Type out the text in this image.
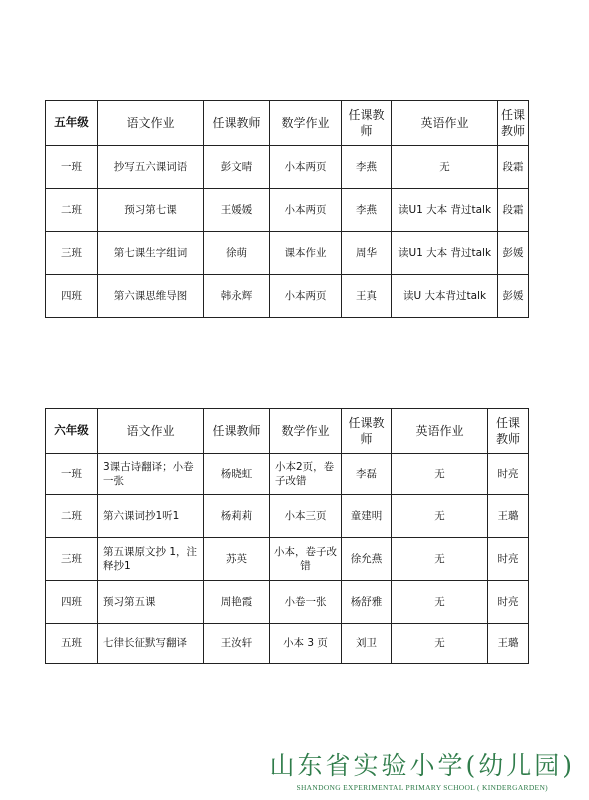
五年级	语文作业	任课教师	数学作业	任课教师	英语作业	任课教师
一班	抄写五六课词语	彭文晴	小本两页	李燕	无	段霜
二班	预习第七课	王媛媛	小本两页	李燕	读U1 大本 背过talk	段霜
三班	第七课生字组词	徐萌	课本作业	周华	读U1 大本 背过talk	彭媛
四班	第六课思维导图	韩永辉	小本两页	王真	读U 大本背过talk	彭媛
六年级	语文作业	任课教师	数学作业	任课教师	英语作业	任课教师
一班	3课古诗翻译；小卷一张	杨晓虹	小本2页，卷子改错	李磊	无	时亮
二班	第六课词抄1听1	杨莉莉	小本三页	童建明	无	王璐
三班	第五课原文抄 1，注释抄1	苏英	小本，卷子改错	徐允燕	无	时亮
四班	预习第五课	周艳霞	小卷一张	杨舒雅	无	时亮
五班	七律长征默写翻译	王汝轩	小本 3 页	刘卫	无	王璐
山东省实验小学(幼儿园)
SHANDONG EXPERIMENTAL PRIMARY SCHOOL ( KINDERGARDEN)
